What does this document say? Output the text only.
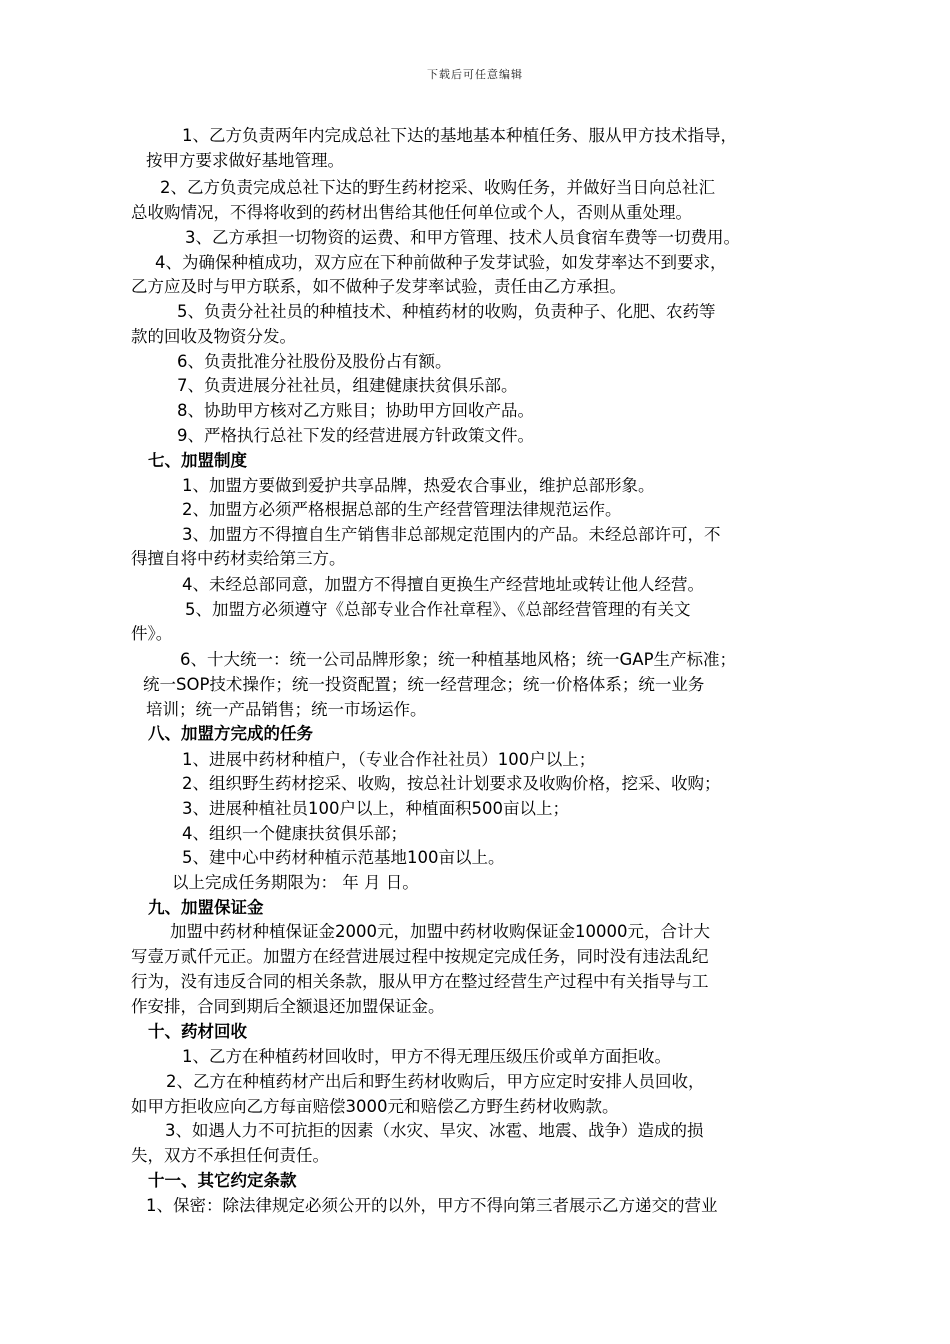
下载后可任意编辑
1、乙方负责两年内完成总社下达的基地基本种植任务、服从甲方技术指导，
按甲方要求做好基地管理。
2、乙方负责完成总社下达的野生药材挖采、收购任务，并做好当日向总社汇
总收购情况，不得将收到的药材出售给其他任何单位或个人，否则从重处理。
3、乙方承担一切物资的运费、和甲方管理、技术人员食宿车费等一切费用。
4、为确保种植成功，双方应在下种前做种子发芽试验，如发芽率达不到要求，
乙方应及时与甲方联系，如不做种子发芽率试验，责任由乙方承担。
5、负责分社社员的种植技术、种植药材的收购，负责种子、化肥、农药等
款的回收及物资分发。
6、负责批准分社股份及股份占有额。
7、负责进展分社社员，组建健康扶贫俱乐部。
8、协助甲方核对乙方账目；协助甲方回收产品。
9、严格执行总社下发的经营进展方针政策文件。
七、加盟制度
1、加盟方要做到爱护共享品牌，热爱农合事业，维护总部形象。
2、加盟方必须严格根据总部的生产经营管理法律规范运作。
3、加盟方不得擅自生产销售非总部规定范围内的产品。未经总部许可，不
得擅自将中药材卖给第三方。
4、未经总部同意，加盟方不得擅自更换生产经营地址或转让他人经营。
5、加盟方必须遵守《总部专业合作社章程》、《总部经营管理的有关文
件》。
6、十大统一：统一公司品牌形象；统一种植基地风格；统一GAP生产标准；
统一SOP技术操作；统一投资配置；统一经营理念；统一价格体系；统一业务
培训；统一产品销售；统一市场运作。
八、加盟方完成的任务
1、进展中药材种植户，（专业合作社社员）100户以上；
2、组织野生药材挖采、收购，按总社计划要求及收购价格，挖采、收购；
3、进展种植社员100户以上，种植面积500亩以上；
4、组织一个健康扶贫俱乐部；
5、建中心中药材种植示范基地100亩以上。
以上完成任务期限为： 年 月 日。
九、加盟保证金
加盟中药材种植保证金2000元，加盟中药材收购保证金10000元，合计大
写壹万贰仟元正。加盟方在经营进展过程中按规定完成任务，同时没有违法乱纪
行为，没有违反合同的相关条款，服从甲方在整过经营生产过程中有关指导与工
作安排，合同到期后全额退还加盟保证金。
十、药材回收
1、乙方在种植药材回收时，甲方不得无理压级压价或单方面拒收。
2、乙方在种植药材产出后和野生药材收购后，甲方应定时安排人员回收，
如甲方拒收应向乙方每亩赔偿3000元和赔偿乙方野生药材收购款。
3、如遇人力不可抗拒的因素（水灾、旱灾、冰雹、地震、战争）造成的损
失，双方不承担任何责任。
十一、其它约定条款
1、保密：除法律规定必须公开的以外，甲方不得向第三者展示乙方递交的营业
